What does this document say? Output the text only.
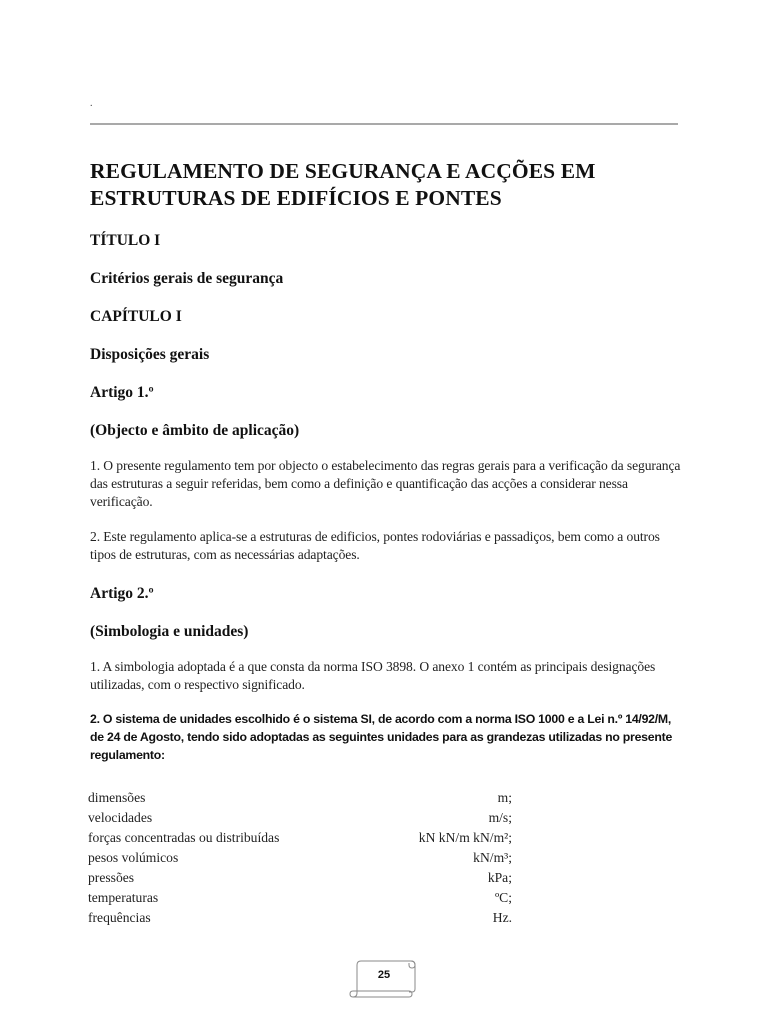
.
REGULAMENTO DE SEGURANÇA E ACÇÕES EM ESTRUTURAS DE EDIFÍCIOS E PONTES

TÍTULO I

Critérios gerais de segurança

CAPÍTULO I

Disposições gerais

Artigo 1.º

(Objecto e âmbito de aplicação)

1. O presente regulamento tem por objecto o estabelecimento das regras gerais para a verificação da segurança das estruturas a seguir referidas, bem como a definição e quantificação das acções a considerar nessa verificação.

2. Este regulamento aplica-se a estruturas de edificios, pontes rodoviárias e passadiços, bem como a outros tipos de estruturas, com as necessárias adaptações.

Artigo 2.º

(Simbologia e unidades)

1. A simbologia adoptada é a que consta da norma ISO 3898. O anexo 1 contém as principais designações utilizadas, com o respectivo significado.

2. O sistema de unidades escolhido é o sistema SI, de acordo com a norma ISO 1000 e a Lei n.º 14/92/M, de 24 de Agosto, tendo sido adoptadas as seguintes unidades para as grandezas utilizadas no presente regulamento:

dimensões	m;
velocidades	m/s;
forças concentradas ou distribuídas	kN kN/m kN/m²;
pesos volúmicos	kN/m³;
pressões	kPa;
temperaturas	ºC;
frequências	Hz.
25
